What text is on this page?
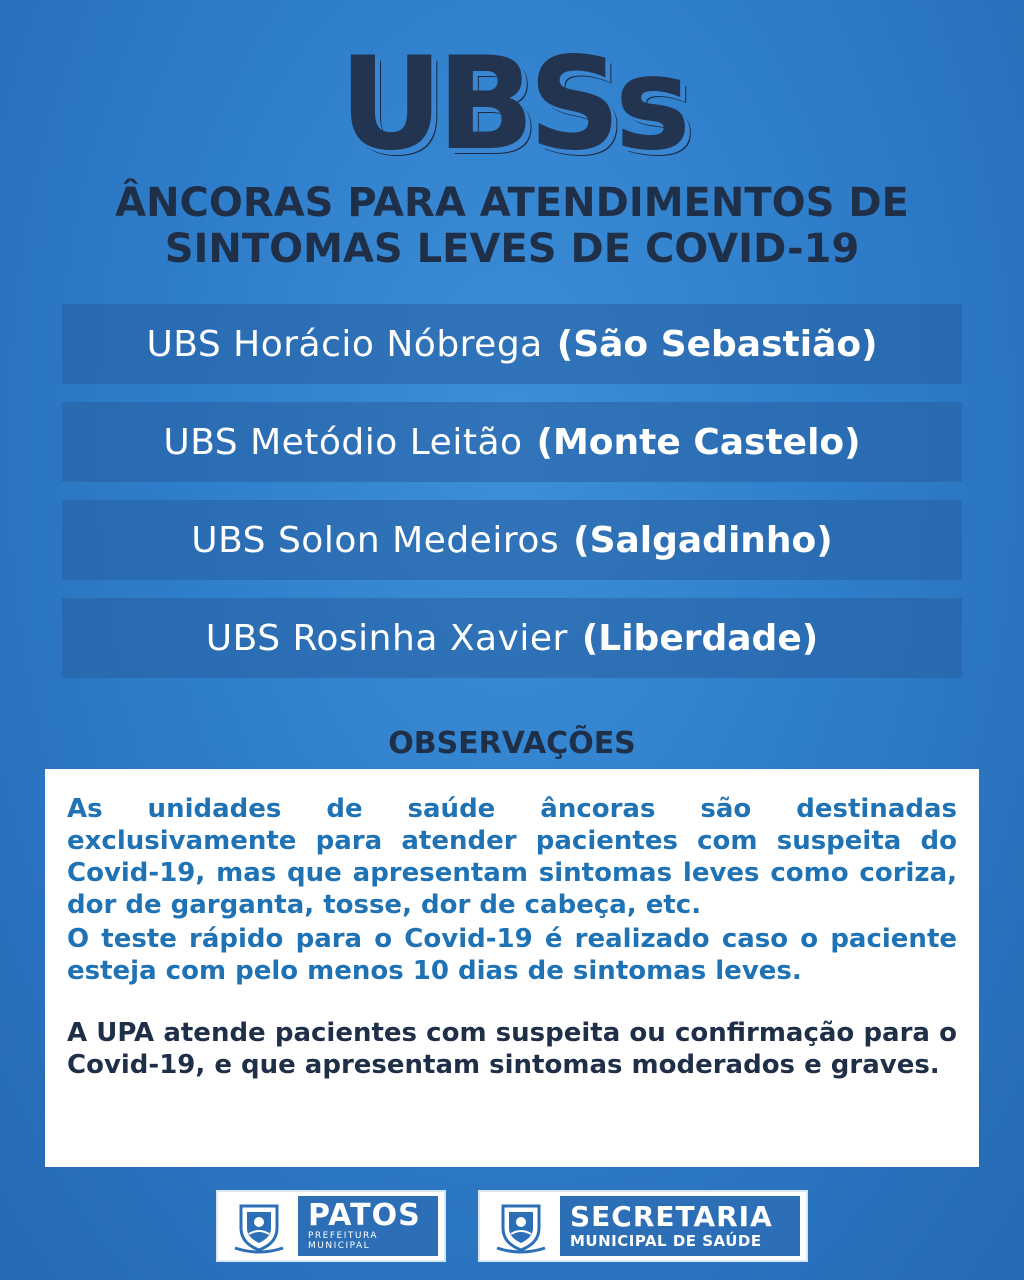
UBSs
ÂNCORAS PARA ATENDIMENTOS DE
SINTOMAS LEVES DE COVID-19
UBS Horácio Nóbrega (São Sebastião)
UBS Metódio Leitão (Monte Castelo)
UBS Solon Medeiros (Salgadinho)
UBS Rosinha Xavier (Liberdade)
OBSERVAÇÕES

As unidades de saúde âncoras são destinadas exclusivamente para atender pacientes com suspeita do Covid-19, mas que apresentam sintomas leves como coriza, dor de garganta, tosse, dor de cabeça, etc.

O teste rápido para o Covid-19 é realizado caso o paciente esteja com pelo menos 10 dias de sintomas leves.

A UPA atende pacientes com suspeita ou confirmação para o Covid-19, e que apresentam sintomas moderados e graves.

PATOS
PREFEITURA MUNICIPAL
SECRETARIA
MUNICIPAL DE SAÚDE
